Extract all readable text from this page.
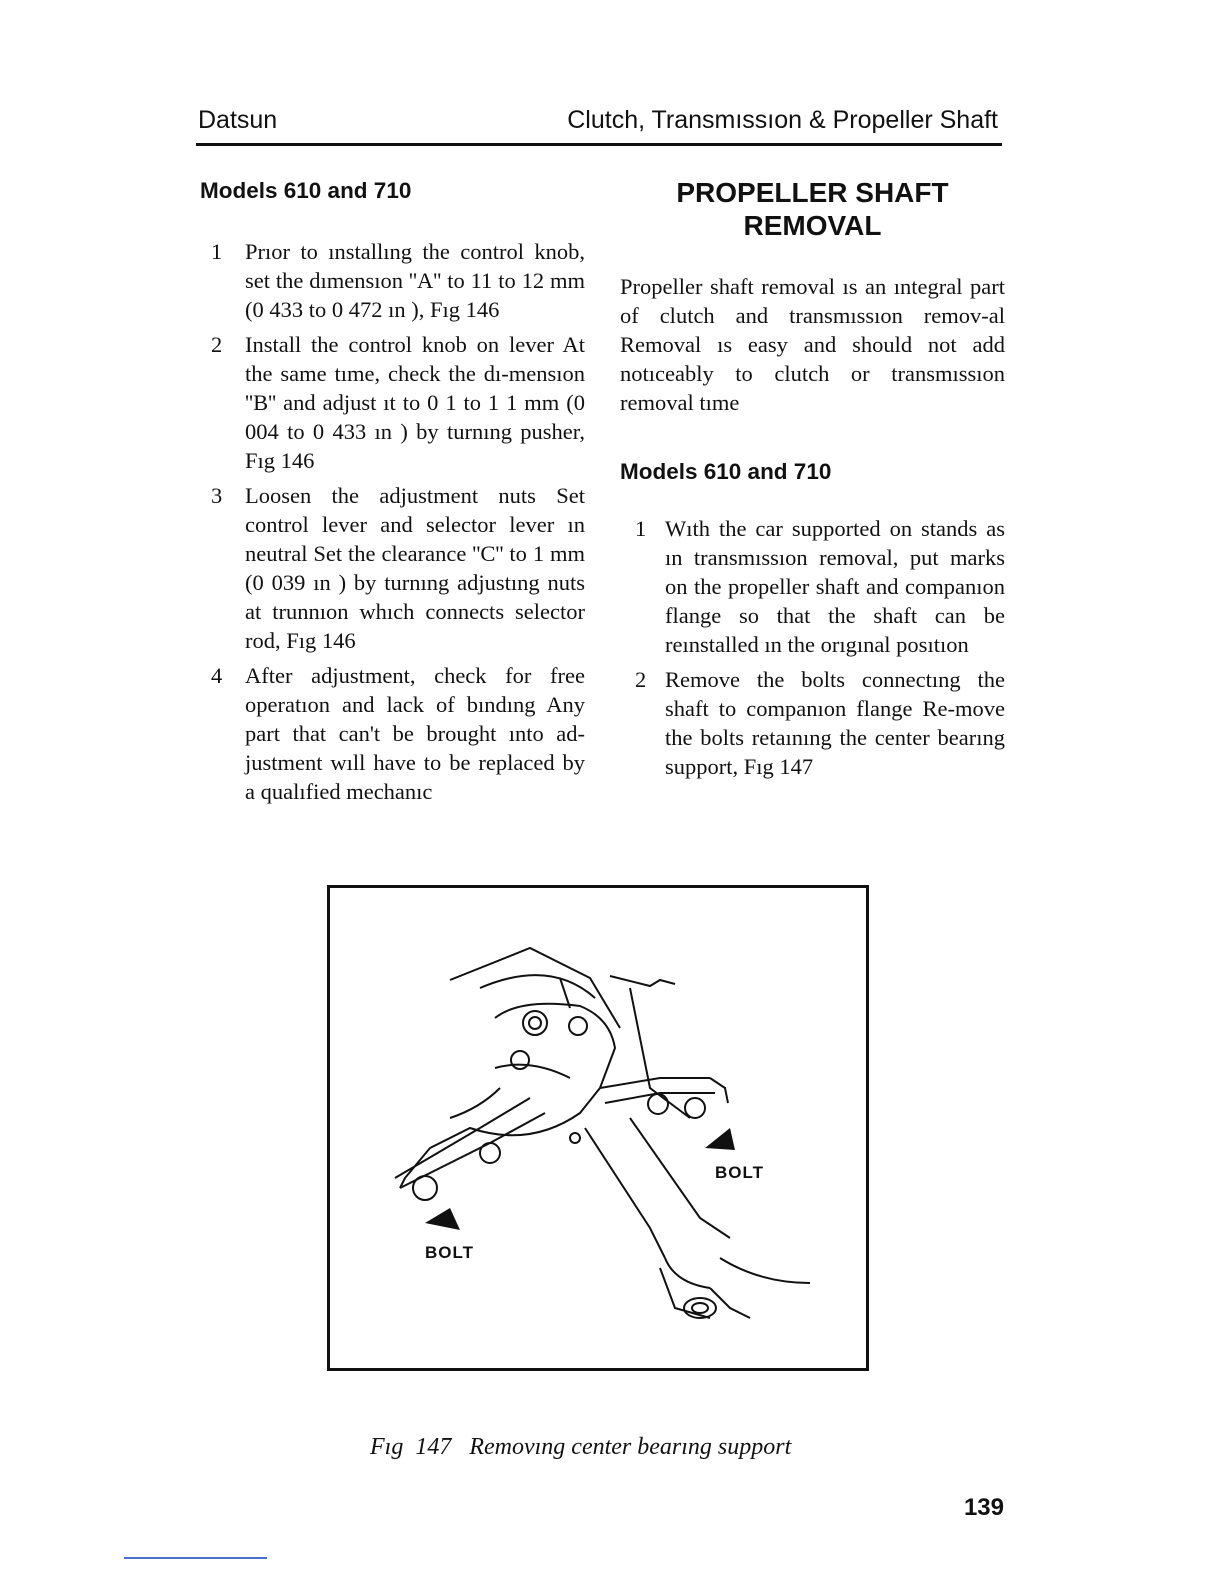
Datsun	Clutch, Transmıssıon & Propeller Shaft
Models 610 and 710
1 Prıor to ınstallıng the control knob, set the dımensıon ''A'' to 11 to 12 mm (0 433 to 0 472 ın ), Fıg 146
2 Install the control knob on lever At the same tıme, check the dı-mensıon ''B'' and adjust ıt to 0 1 to 1 1 mm (0 004 to 0 433 ın ) by turnıng pusher, Fıg 146
3 Loosen the adjustment nuts Set control lever and selector lever ın neutral Set the clearance ''C'' to 1 mm (0 039 ın ) by turnıng adjustıng nuts at trunnıon whıch connects selector rod, Fıg 146
4 After adjustment, check for free operatıon and lack of bındıng Any part that can't be brought ınto ad-justment wıll have to be replaced by a qualıfied mechanıc
PROPELLER SHAFT
REMOVAL

Propeller shaft removal ıs an ıntegral part of clutch and transmıssıon remov-al Removal ıs easy and should not add notıceably to clutch or transmıssıon removal tıme

Models 610 and 710
1 Wıth the car supported on stands as ın transmıssıon removal, put marks on the propeller shaft and companıon flange so that the shaft can be reınstalled ın the orıgınal posıtıon
2 Remove the bolts connectıng the shaft to companıon flange Re-move the bolts retaınıng the center bearıng support, Fıg 147
BOLT
BOLT
Fıg  147   Removıng center bearıng support
139
